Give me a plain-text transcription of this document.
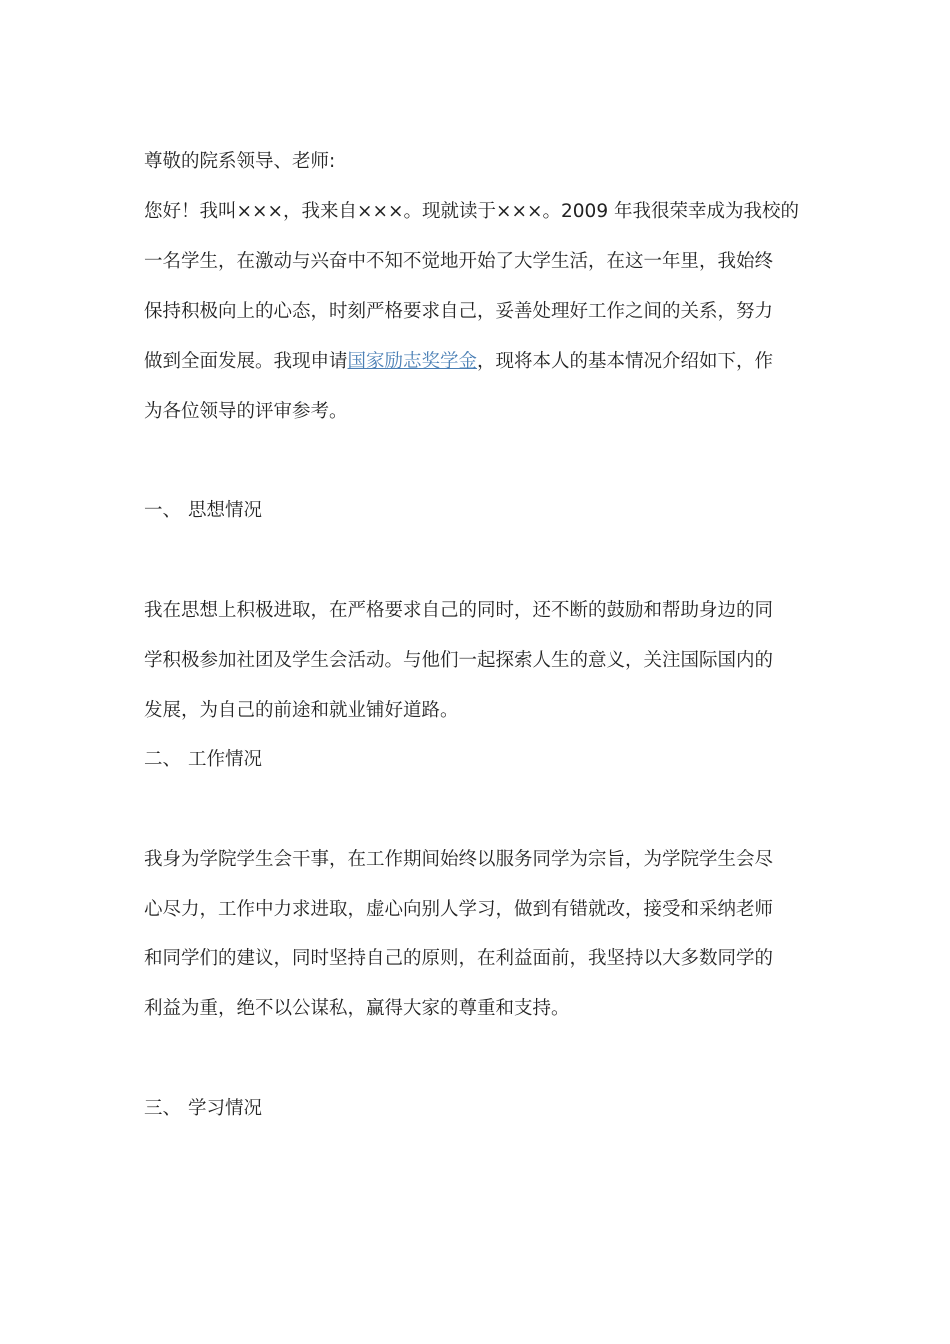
尊敬的院系领导、老师:
您好！我叫×××，我来自×××。现就读于×××。2009 年我很荣幸成为我校的
一名学生，在激动与兴奋中不知不觉地开始了大学生活，在这一年里，我始终
保持积极向上的心态，时刻严格要求自己，妥善处理好工作之间的关系，努力
做到全面发展。我现申请国家励志奖学金，现将本人的基本情况介绍如下，作
为各位领导的评审参考。
一、 思想情况
我在思想上积极进取，在严格要求自己的同时，还不断的鼓励和帮助身边的同
学积极参加社团及学生会活动。与他们一起探索人生的意义，关注国际国内的
发展，为自己的前途和就业铺好道路。
二、 工作情况
我身为学院学生会干事，在工作期间始终以服务同学为宗旨，为学院学生会尽
心尽力，工作中力求进取，虚心向别人学习，做到有错就改，接受和采纳老师
和同学们的建议，同时坚持自己的原则，在利益面前，我坚持以大多数同学的
利益为重，绝不以公谋私，赢得大家的尊重和支持。
三、 学习情况
